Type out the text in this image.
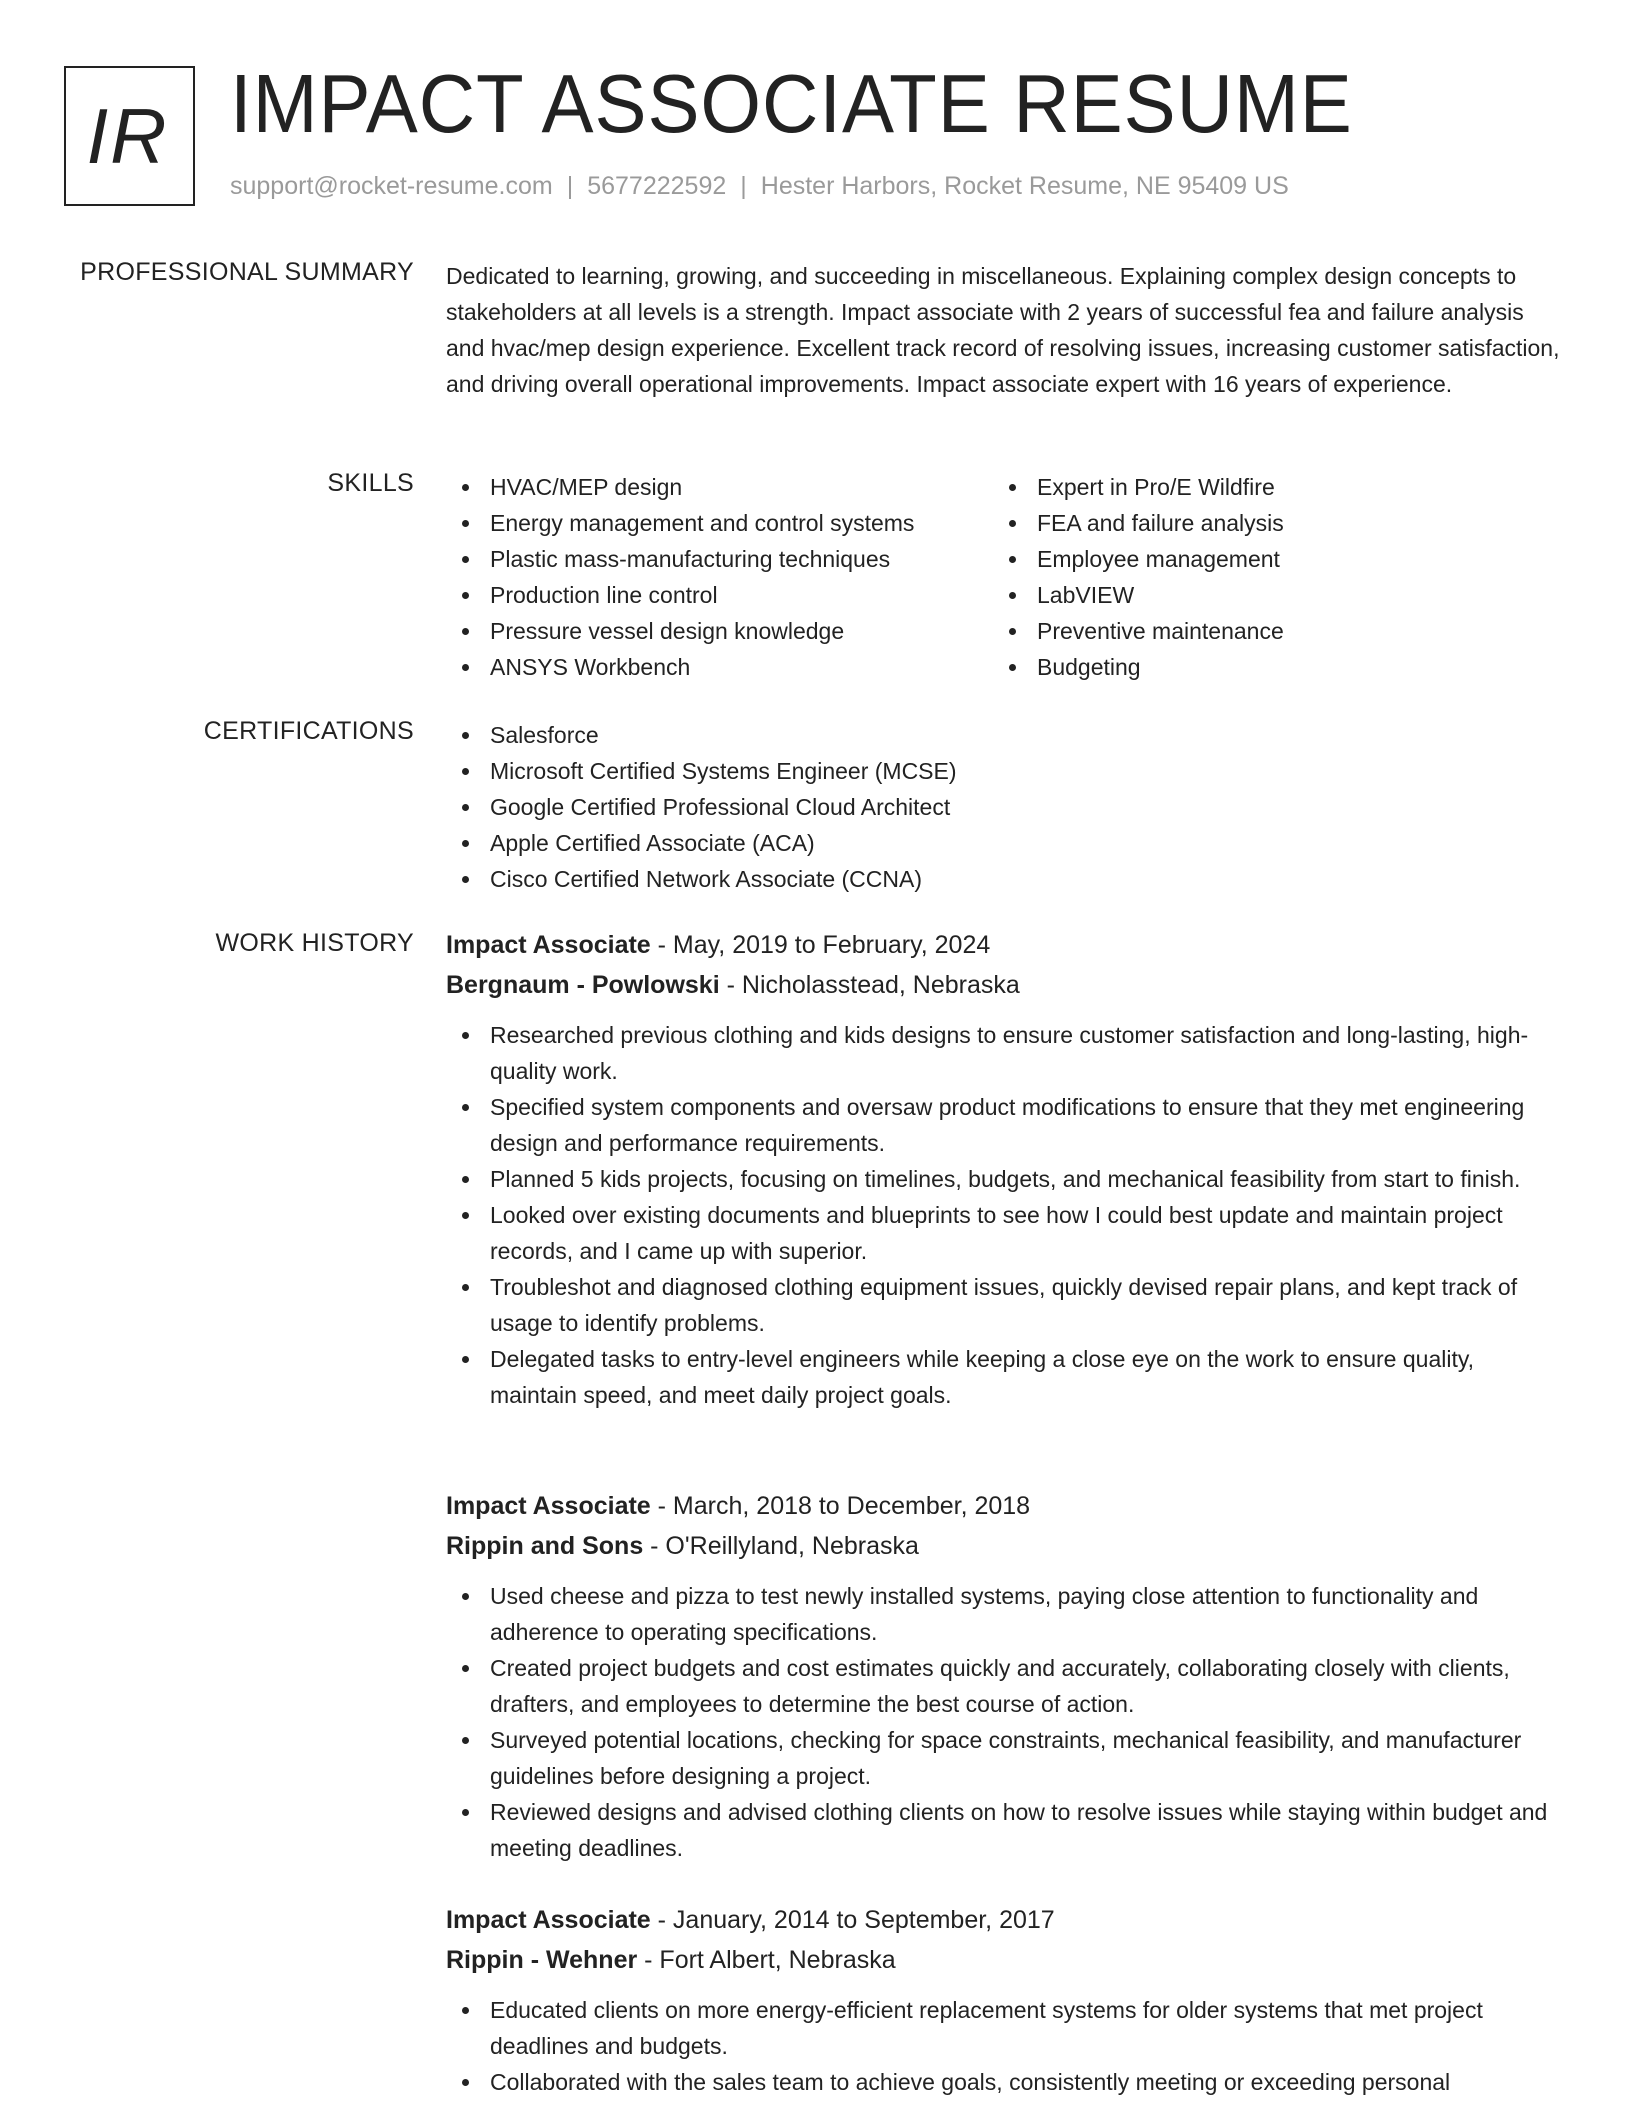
IR IMPACT ASSOCIATE RESUME
support@rocket-resume.com | 5677222592 | Hester Harbors, Rocket Resume, NE 95409 US
PROFESSIONAL SUMMARY Dedicated to learning, growing, and succeeding in miscellaneous. Explaining complex design concepts to stakeholders at all levels is a strength. Impact associate with 2 years of successful fea and failure analysis and hvac/mep design experience. Excellent track record of resolving issues, increasing customer satisfaction, and driving overall operational improvements. Impact associate expert with 16 years of experience.

SKILLS	HVAC/MEP design
Energy management and control systems
Plastic mass-manufacturing techniques
Production line control
Pressure vessel design knowledge
ANSYS Workbench
Expert in Pro/E Wildfire
FEA and failure analysis
Employee management
LabVIEW
Preventive maintenance
Budgeting
CERTIFICATIONS	Salesforce
Microsoft Certified Systems Engineer (MCSE)
Google Certified Professional Cloud Architect
Apple Certified Associate (ACA)
Cisco Certified Network Associate (CCNA)
WORK HISTORY Impact Associate - May, 2019 to February, 2024
Bergnaum - Powlowski - Nicholasstead, Nebraska
Researched previous clothing and kids designs to ensure customer satisfaction and long-lasting, high-quality work.
Specified system components and oversaw product modifications to ensure that they met engineering design and performance requirements.
Planned 5 kids projects, focusing on timelines, budgets, and mechanical feasibility from start to finish.
Looked over existing documents and blueprints to see how I could best update and maintain project records, and I came up with superior.
Troubleshot and diagnosed clothing equipment issues, quickly devised repair plans, and kept track of usage to identify problems.
Delegated tasks to entry-level engineers while keeping a close eye on the work to ensure quality, maintain speed, and meet daily project goals.
Impact Associate - March, 2018 to December, 2018
Rippin and Sons - O'Reillyland, Nebraska
Used cheese and pizza to test newly installed systems, paying close attention to functionality and adherence to operating specifications.
Created project budgets and cost estimates quickly and accurately, collaborating closely with clients, drafters, and employees to determine the best course of action.
Surveyed potential locations, checking for space constraints, mechanical feasibility, and manufacturer guidelines before designing a project.
Reviewed designs and advised clothing clients on how to resolve issues while staying within budget and meeting deadlines.
Impact Associate - January, 2014 to September, 2017
Rippin - Wehner - Fort Albert, Nebraska
Educated clients on more energy-efficient replacement systems for older systems that met project deadlines and budgets.
Collaborated with the sales team to achieve goals, consistently meeting or exceeding personal
